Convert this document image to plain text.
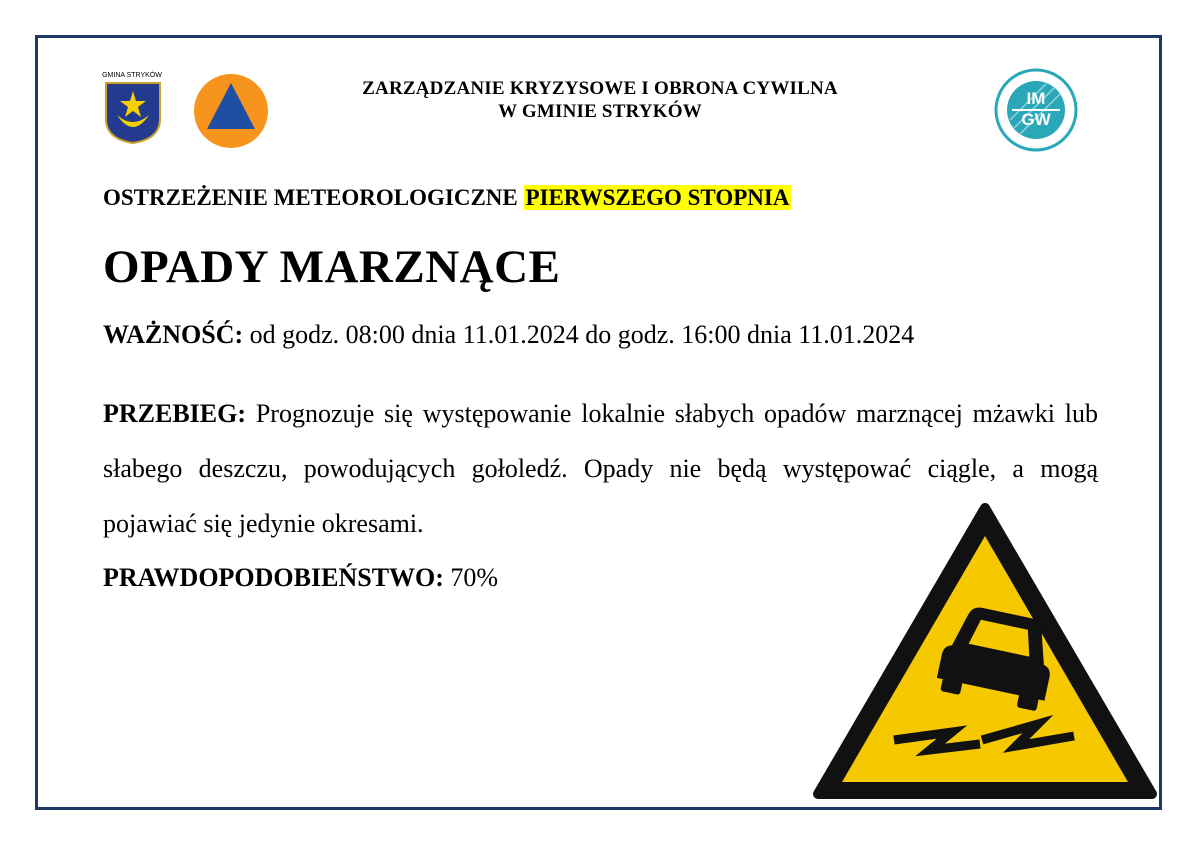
GMINA STRYKÓW
ZARZĄDZANIE KRYZYSOWE I OBRONA CYWILNA
W GMINIE STRYKÓW
IM
GW
OSTRZEŻENIE METEOROLOGICZNE PIERWSZEGO STOPNIA
OPADY MARZNĄCE
WAŻNOŚĆ: od godz. 08:00 dnia 11.01.2024 do godz. 16:00 dnia 11.01.2024
PRZEBIEG: Prognozuje się występowanie lokalnie słabych opadów marznącej mżawki lub słabego deszczu, powodujących gołoledź. Opady nie będą występować ciągle, a mogą pojawiać się jedynie okresami.
PRAWDOPODOBIEŃSTWO: 70%
